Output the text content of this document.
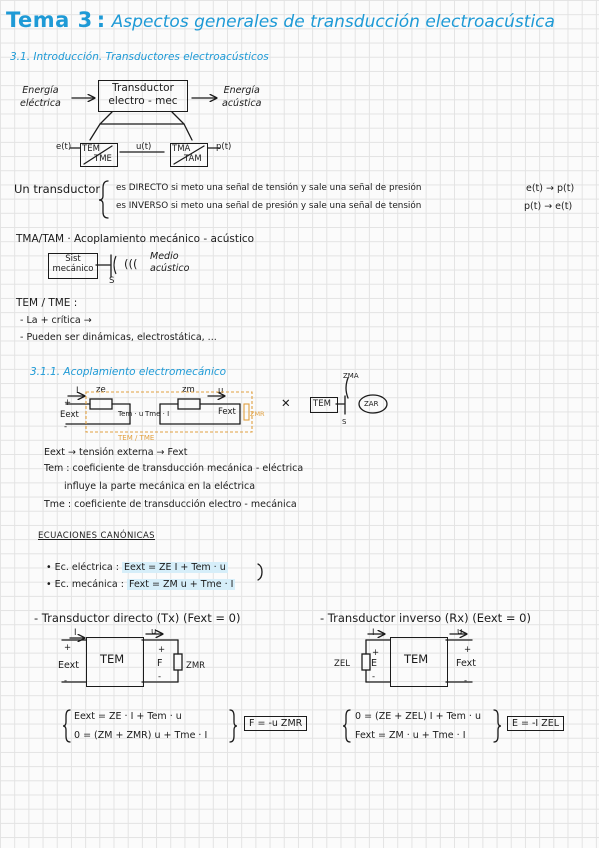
Tema 3 : Aspectos generales de transducción electroacústica
3.1. Introducción. Transductores electroacústicos
Energía
eléctrica
Transductor
electro - mec
Energía
acústica
e(t) TEM
TME
u(t) TMA
TAM
p(t)
Un transductor es DIRECTO si meto una señal de tensión y sale una señal de presión	e(t) → p(t)
es INVERSO si meto una señal de presión y sale una señal de tensión	p(t) → e(t)
TMA/TAM · Acoplamiento mecánico - acústico
Sist
mecánico	(((
Medio
acústico
S
TEM / TME :
- La + crítica →
- Pueden ser dinámicas, electrostática, ...
3.1.1. Acoplamiento electromecánico
I ze	zm	u
+
Eext
-
Tem · u Tme · I	Fext ZMR
TEM / TME
✕	TEM
ZMA
ZAR
S
Eext → tensión externa → Fext
Tem : coeficiente de transducción mecánica - eléctrica
influye la parte mecánica en la eléctrica
Tme : coeficiente de transducción electro - mecánica
ECUACIONES CANÓNICAS
• Ec. eléctrica : Eext = ZE I + Tem · u
• Ec. mecánica : Fext = ZM u + Tme · I
- Transductor directo (Tx) (Fext = 0)
I	u
+
Eext
-
TEM
+
F
-
ZMR
Eext = ZE · I + Tem · u
0 = (ZM + ZMR) u + Tme · I
F = -u ZMR
- Transductor inverso (Rx) (Eext = 0)
I	u
+
ZEL E
-
TEM
+
Fext
-
0 = (ZE + ZEL) I + Tem · u
Fext = ZM · u + Tme · I
E = -I ZEL
